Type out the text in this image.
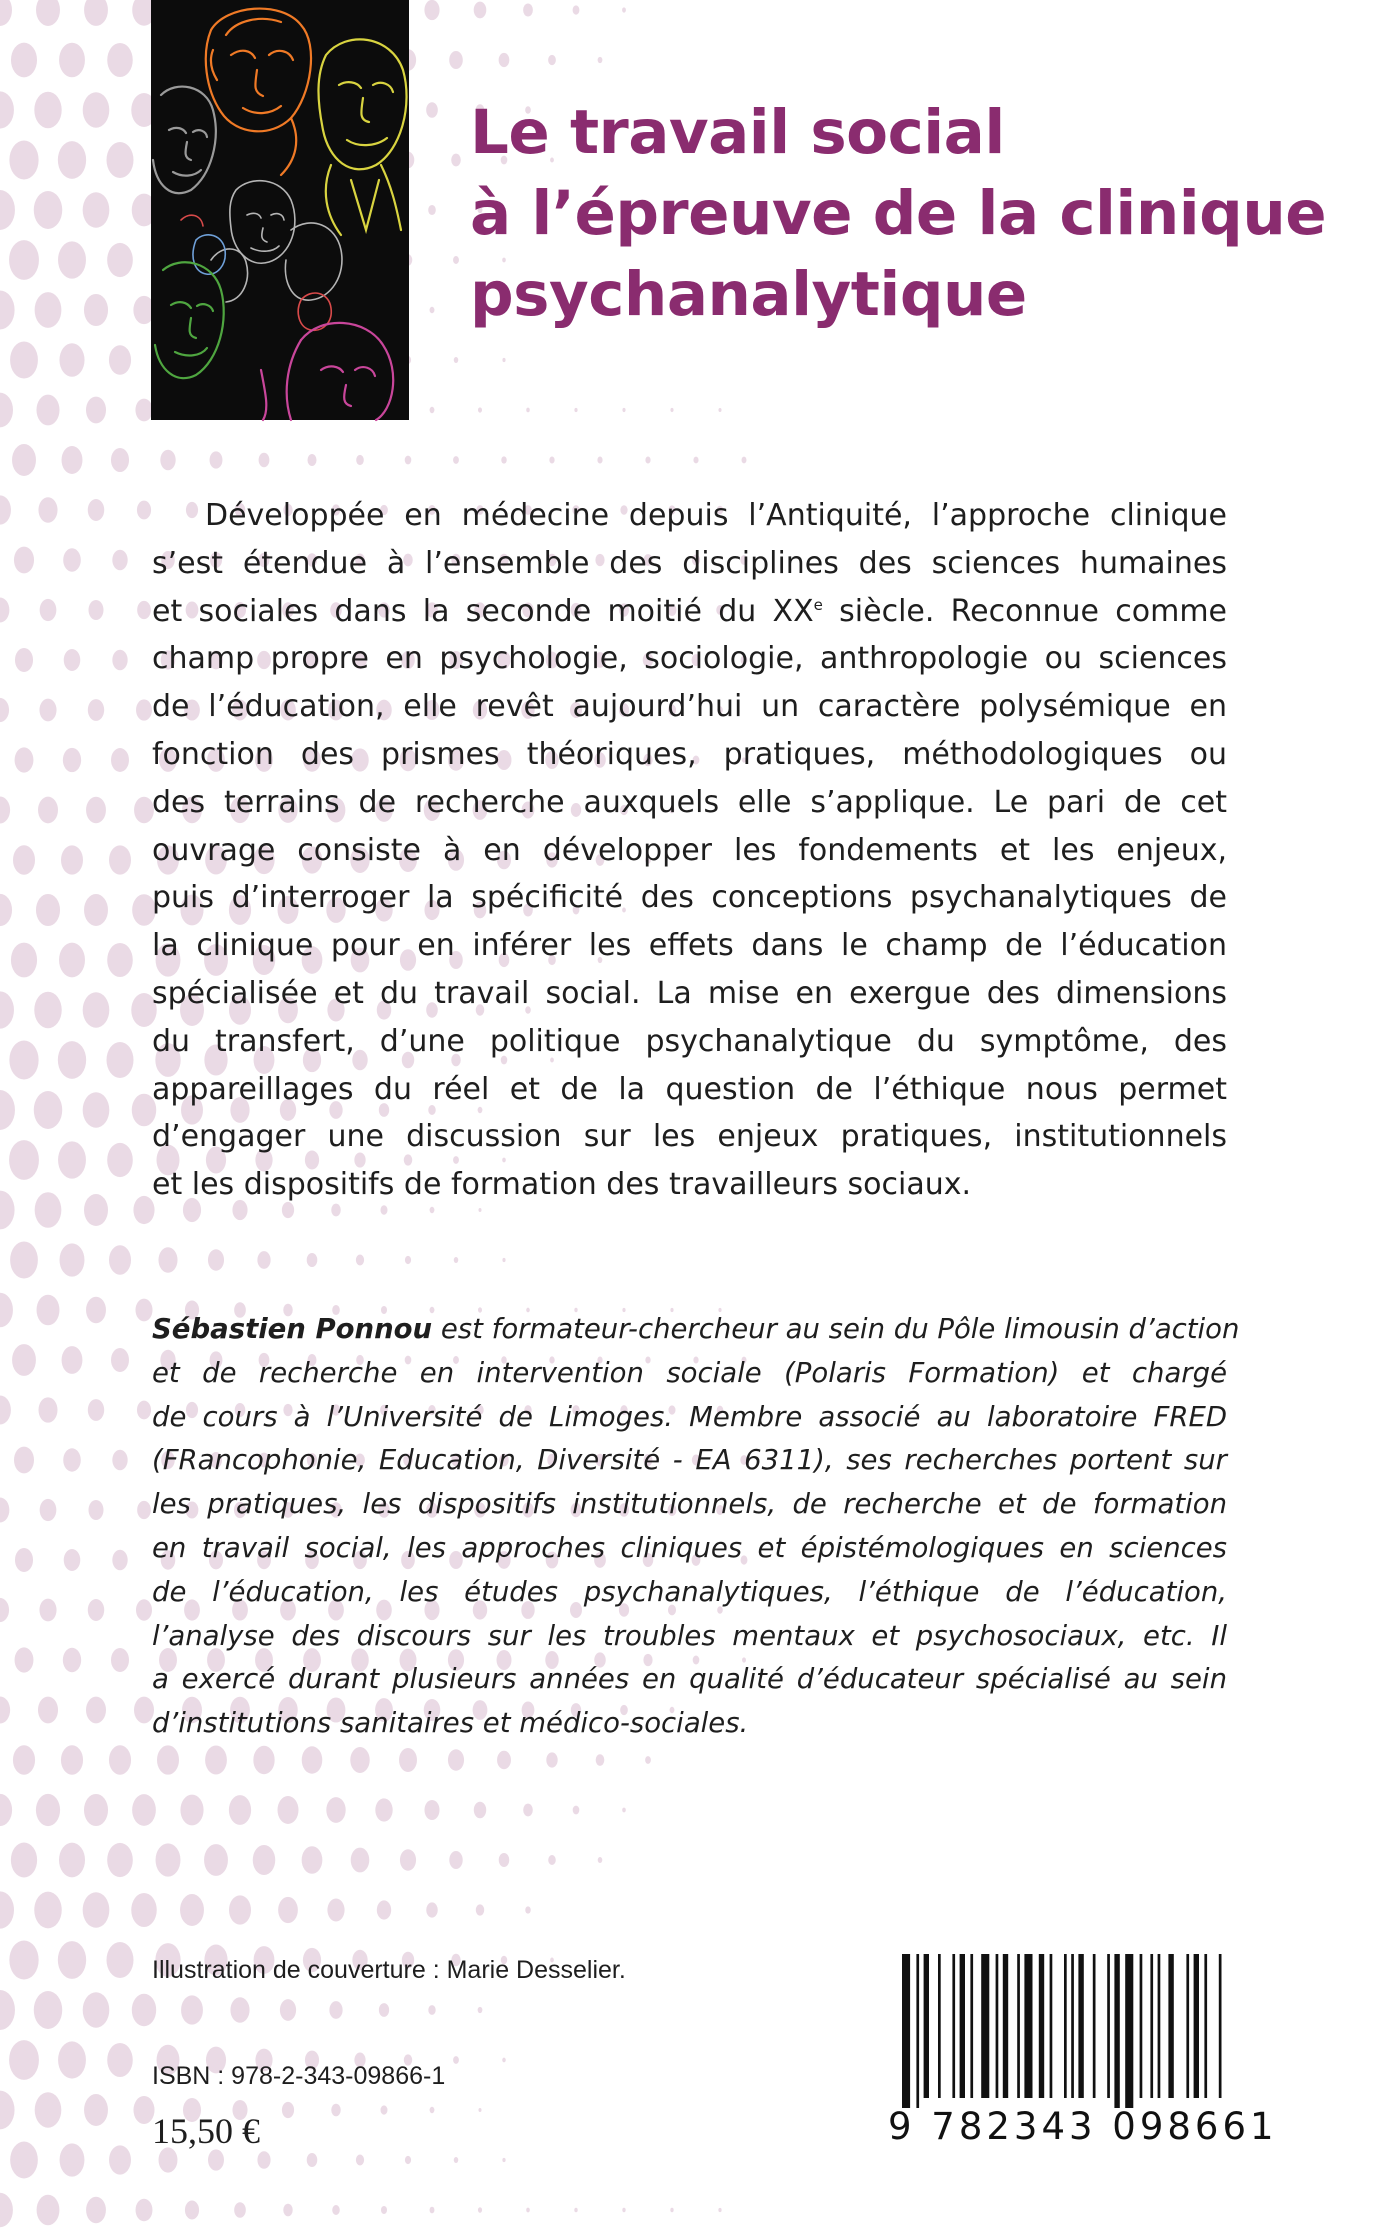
Le travail social
à l’épreuve de la clinique
psychanalytique
Développée en médecine depuis l’Antiquité, l’approche clinique
s’est étendue à l’ensemble des disciplines des sciences humaines
et sociales dans la seconde moitié du XXe siècle. Reconnue comme
champ propre en psychologie, sociologie, anthropologie ou sciences
de l’éducation, elle revêt aujourd’hui un caractère polysémique en
fonction des prismes théoriques, pratiques, méthodologiques ou
des terrains de recherche auxquels elle s’applique. Le pari de cet
ouvrage consiste à en développer les fondements et les enjeux,
puis d’interroger la spécificité des conceptions psychanalytiques de
la clinique pour en inférer les effets dans le champ de l’éducation
spécialisée et du travail social. La mise en exergue des dimensions
du transfert, d’une politique psychanalytique du symptôme, des
appareillages du réel et de la question de l’éthique nous permet
d’engager une discussion sur les enjeux pratiques, institutionnels
et les dispositifs de formation des travailleurs sociaux.
Sébastien Ponnou est formateur-chercheur au sein du Pôle limousin d’action
et de recherche en intervention sociale (Polaris Formation) et chargé
de cours à l’Université de Limoges. Membre associé au laboratoire FRED
(FRancophonie, Education, Diversité - EA 6311), ses recherches portent sur
les pratiques, les dispositifs institutionnels, de recherche et de formation
en travail social, les approches cliniques et épistémologiques en sciences
de l’éducation, les études psychanalytiques, l’éthique de l’éducation,
l’analyse des discours sur les troubles mentaux et psychosociaux, etc. Il
a exercé durant plusieurs années en qualité d’éducateur spécialisé au sein
d’institutions sanitaires et médico-sociales.
Illustration de couverture : Marie Desselier.
ISBN : 978-2-343-09866-1
15,50 €	9 782343 098661
